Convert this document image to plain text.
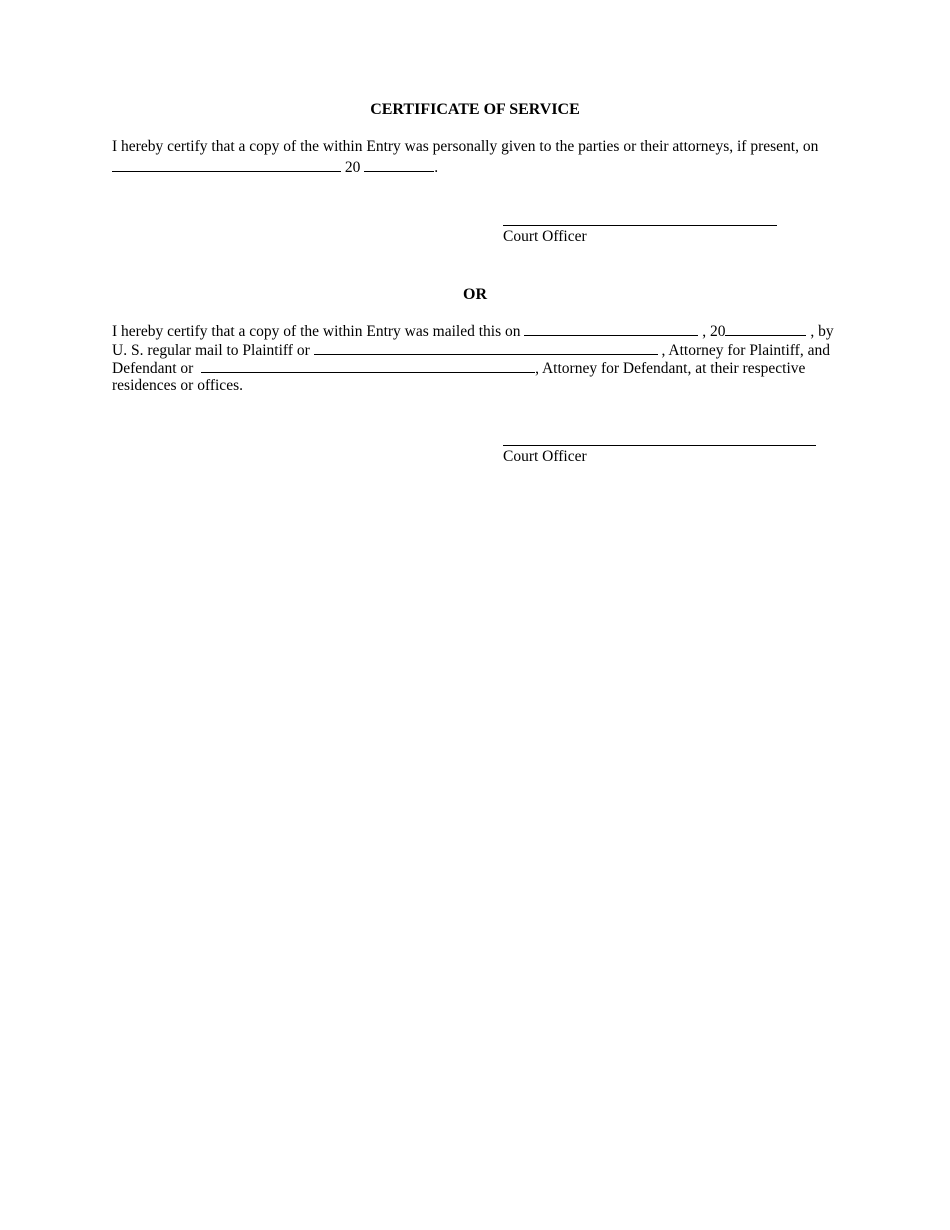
CERTIFICATE OF SERVICE
I hereby certify that a copy of the within Entry was personally given to the parties or their attorneys, if present, on
20	.
Court Officer
OR
I hereby certify that a copy of the within Entry was mailed this on	, 20	, by
U. S. regular mail to Plaintiff or	, Attorney for Plaintiff, and
Defendant or	, Attorney for Defendant, at their respective
residences or offices.
Court Officer
